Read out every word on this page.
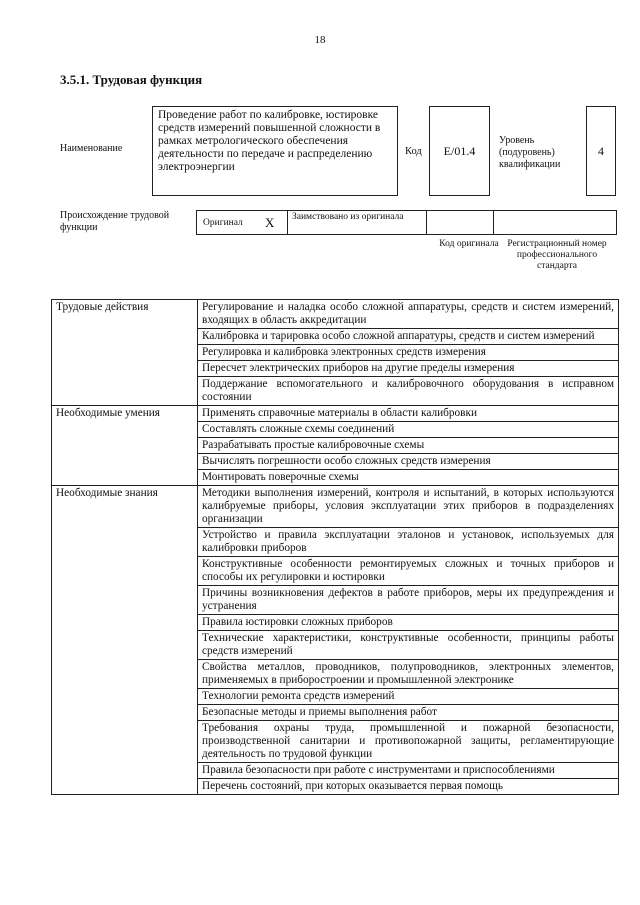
18
3.5.1. Трудовая функция
Наименование
Проведение работ по калибровке, юстировке средств измерений повышенной сложности в рамках метрологического обеспечения деятельности по передаче и распределению электроэнергии
Код	E/01.4
Уровень (подуровень) квалификации
4
Происхождение трудовой функции	Оригинал X	Заимствовано из оригинала
Код оригинала Регистрационный номер профессионального стандарта
Трудовые действия	Регулирование и наладка особо сложной аппаратуры, средств и систем измерений, входящих в область аккредитации
	Калибровка и тарировка особо сложной аппаратуры, средств и систем измерений
	Регулировка и калибровка электронных средств измерения
	Пересчет электрических приборов на другие пределы измерения
	Поддержание вспомогательного и калибровочного оборудования в исправном состоянии
Необходимые умения	Применять справочные материалы в области калибровки
	Составлять сложные схемы соединений
	Разрабатывать простые калибровочные схемы
	Вычислять погрешности особо сложных средств измерения
	Монтировать поверочные схемы
Необходимые знания	Методики выполнения измерений, контроля и испытаний, в которых используются калибруемые приборы, условия эксплуатации этих приборов в подразделениях организации
	Устройство и правила эксплуатации эталонов и установок, используемых для калибровки приборов
	Конструктивные особенности ремонтируемых сложных и точных приборов и способы их регулировки и юстировки
	Причины возникновения дефектов в работе приборов, меры их предупреждения и устранения
	Правила юстировки сложных приборов
	Технические характеристики, конструктивные особенности, принципы работы средств измерений
	Свойства металлов, проводников, полупроводников, электронных элементов, применяемых в приборостроении и промышленной электронике
	Технологии ремонта средств измерений
	Безопасные методы и приемы выполнения работ
	Требования охраны труда, промышленной и пожарной безопасности, производственной санитарии и противопожарной защиты, регламентирующие деятельность по трудовой функции
	Правила безопасности при работе с инструментами и приспособлениями
	Перечень состояний, при которых оказывается первая помощь
